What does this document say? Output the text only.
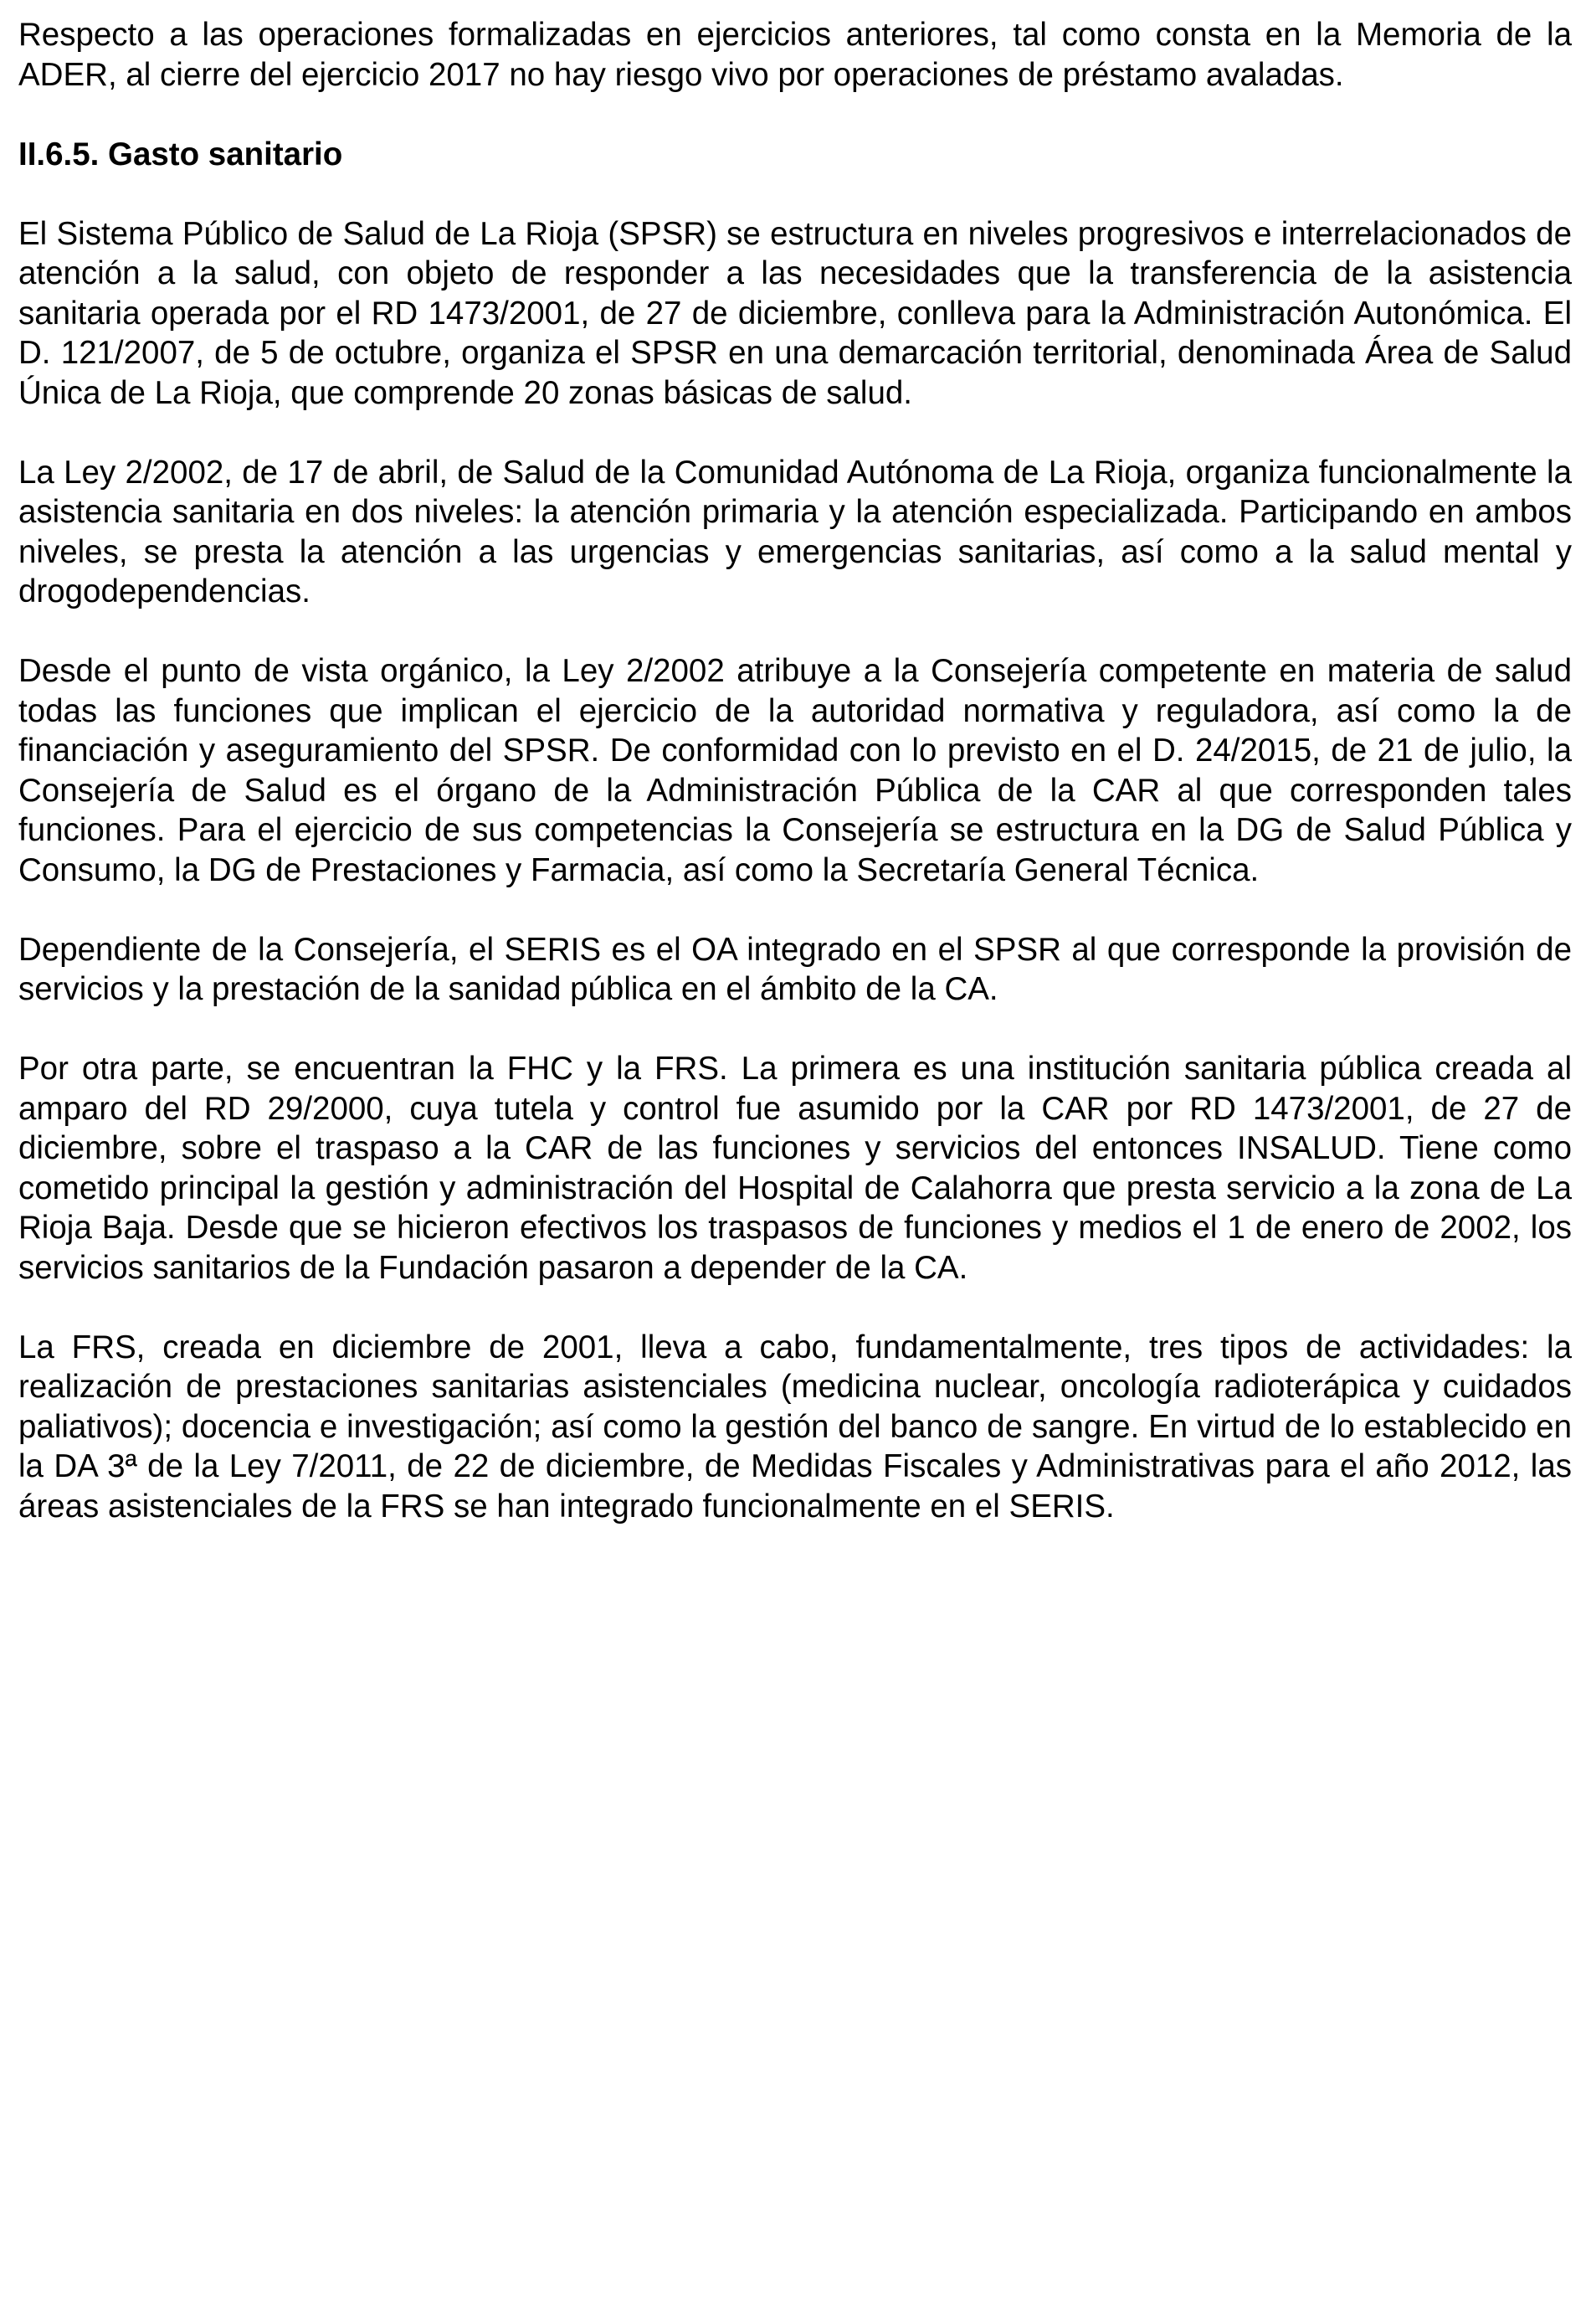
Respecto a las operaciones formalizadas en ejercicios anteriores, tal como consta en la Memoria de la ADER, al cierre del ejercicio 2017 no hay riesgo vivo por operaciones de préstamo avaladas.

II.6.5. Gasto sanitario

El Sistema Público de Salud de La Rioja (SPSR) se estructura en niveles progresivos e interrelacionados de atención a la salud, con objeto de responder a las necesidades que la transferencia de la asistencia sanitaria operada por el RD 1473/2001, de 27 de diciembre, conlleva para la Administración Autonómica. El D. 121/2007, de 5 de octubre, organiza el SPSR en una demarcación territorial, denominada Área de Salud Única de La Rioja, que comprende 20 zonas básicas de salud.

La Ley 2/2002, de 17 de abril, de Salud de la Comunidad Autónoma de La Rioja, organiza funcionalmente la asistencia sanitaria en dos niveles: la atención primaria y la atención especializada. Participando en ambos niveles, se presta la atención a las urgencias y emergencias sanitarias, así como a la salud mental y drogodependencias.

Desde el punto de vista orgánico, la Ley 2/2002 atribuye a la Consejería competente en materia de salud todas las funciones que implican el ejercicio de la autoridad normativa y reguladora, así como la de financiación y aseguramiento del SPSR. De conformidad con lo previsto en el D. 24/2015, de 21 de julio, la Consejería de Salud es el órgano de la Administración Pública de la CAR al que corresponden tales funciones. Para el ejercicio de sus competencias la Consejería se estructura en la DG de Salud Pública y Consumo, la DG de Prestaciones y Farmacia, así como la Secretaría General Técnica.

Dependiente de la Consejería, el SERIS es el OA integrado en el SPSR al que corresponde la provisión de servicios y la prestación de la sanidad pública en el ámbito de la CA.

Por otra parte, se encuentran la FHC y la FRS. La primera es una institución sanitaria pública creada al amparo del RD 29/2000, cuya tutela y control fue asumido por la CAR por RD 1473/2001, de 27 de diciembre, sobre el traspaso a la CAR de las funciones y servicios del entonces INSALUD. Tiene como cometido principal la gestión y administración del Hospital de Calahorra que presta servicio a la zona de La Rioja Baja. Desde que se hicieron efectivos los traspasos de funciones y medios el 1 de enero de 2002, los servicios sanitarios de la Fundación pasaron a depender de la CA.

La FRS, creada en diciembre de 2001, lleva a cabo, fundamentalmente, tres tipos de actividades: la realización de prestaciones sanitarias asistenciales (medicina nuclear, oncología radioterápica y cuidados paliativos); docencia e investigación; así como la gestión del banco de sangre. En virtud de lo establecido en la DA 3ª de la Ley 7/2011, de 22 de diciembre, de Medidas Fiscales y Administrativas para el año 2012, las áreas asistenciales de la FRS se han integrado funcionalmente en el SERIS.
